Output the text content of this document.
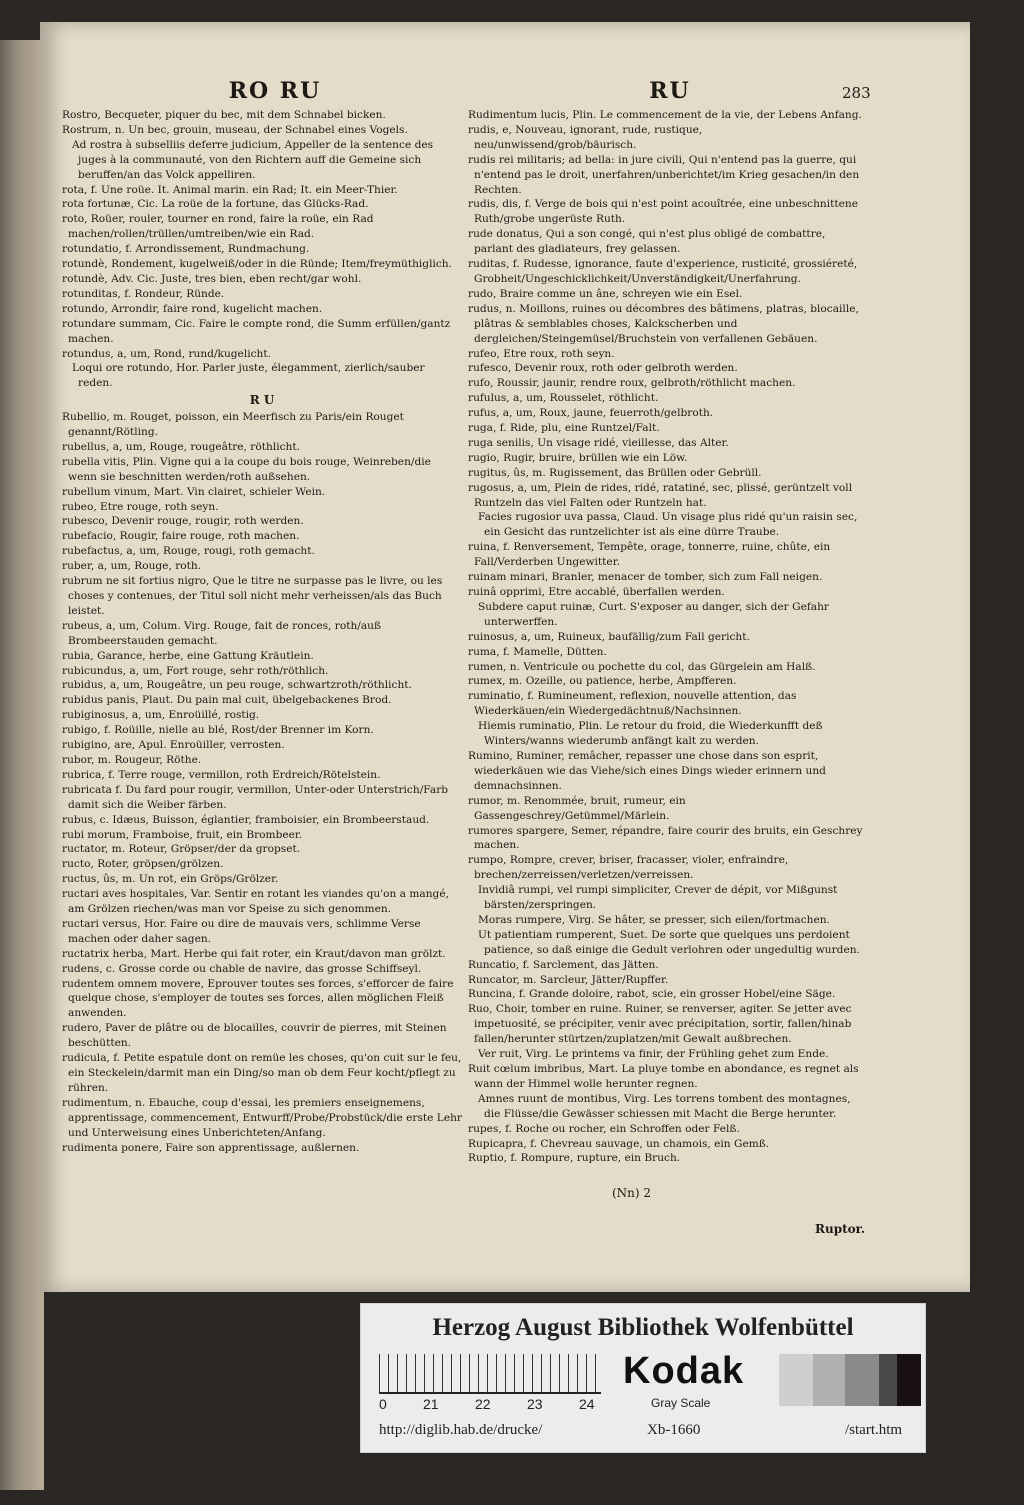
RO RU	RU	283

Rostro, Becqueter, piquer du bec, mit dem Schnabel bicken.

Rostrum, n. Un bec, grouin, museau, der Schnabel eines Vogels.

Ad rostra à subselliis deferre judicium, Appeller de la sentence des juges à la communauté, von den Richtern auff die Gemeine sich beruffen/an das Volck appelliren.

rota, f. Une roüe. It. Animal marin. ein Rad; It. ein Meer-Thier.

rota fortunæ, Cic. La roüe de la fortune, das Glücks-Rad.

roto, Roüer, rouler, tourner en rond, faire la roüe, ein Rad machen/rollen/trüllen/umtreiben/wie ein Rad.

rotundatio, f. Arrondissement, Rundmachung.

rotundè, Rondement, kugelweiß/oder in die Ründe; Item/freymüthiglich.

rotundè, Adv. Cic. Juste, tres bien, eben recht/gar wohl.

rotunditas, f. Rondeur, Ründe.

rotundo, Arrondir, faire rond, kugelicht machen.

rotundare summam, Cic. Faire le compte rond, die Summ erfüllen/gantz machen.

rotundus, a, um, Rond, rund/kugelicht.

Loqui ore rotundo, Hor. Parler juste, élegamment, zierlich/sauber reden.

R U

Rubellio, m. Rouget, poisson, ein Meerfisch zu Paris/ein Rouget genannt/Rötling.

rubellus, a, um, Rouge, rougeâtre, röthlicht.

rubella vitis, Plin. Vigne qui a la coupe du bois rouge, Weinreben/die wenn sie beschnitten werden/roth außsehen.

rubellum vinum, Mart. Vin clairet, schieler Wein.

rubeo, Etre rouge, roth seyn.

rubesco, Devenir rouge, rougir, roth werden.

rubefacio, Rougir, faire rouge, roth machen.

rubefactus, a, um, Rouge, rougi, roth gemacht.

ruber, a, um, Rouge, roth.

rubrum ne sit fortius nigro, Que le titre ne surpasse pas le livre, ou les choses y contenues, der Titul soll nicht mehr verheissen/als das Buch leistet.

rubeus, a, um, Colum. Virg. Rouge, fait de ronces, roth/auß Brombeerstauden gemacht.

rubia, Garance, herbe, eine Gattung Kräutlein.

rubicundus, a, um, Fort rouge, sehr roth/röthlich.

rubidus, a, um, Rougeâtre, un peu rouge, schwartzroth/röthlicht.

rubidus panis, Plaut. Du pain mal cuit, übelgebackenes Brod.

rubiginosus, a, um, Enroüillé, rostig.

rubigo, f. Roüille, nielle au blé, Rost/der Brenner im Korn.

rubigino, are, Apul. Enroüiller, verrosten.

rubor, m. Rougeur, Röthe.

rubrica, f. Terre rouge, vermillon, roth Erdreich/Rötelstein.

rubricata f. Du fard pour rougir, vermillon, Unter-oder Unterstrich/Farb damit sich die Weiber färben.

rubus, c. Idæus, Buisson, églantier, framboisier, ein Brombeerstaud.

rubi morum, Framboise, fruit, ein Brombeer.

ructator, m. Roteur, Gröpser/der da gropset.

ructo, Roter, gröpsen/grölzen.

ructus, ûs, m. Un rot, ein Gröps/Grölzer.

ructari aves hospitales, Var. Sentir en rotant les viandes qu'on a mangé, am Grölzen riechen/was man vor Speise zu sich genommen.

ructari versus, Hor. Faire ou dire de mauvais vers, schlimme Verse machen oder daher sagen.

ructatrix herba, Mart. Herbe qui fait roter, ein Kraut/davon man grölzt.

rudens, c. Grosse corde ou chable de navire, das grosse Schiffseyl.

rudentem omnem movere, Eprouver toutes ses forces, s'efforcer de faire quelque chose, s'employer de toutes ses forces, allen möglichen Fleiß anwenden.

rudero, Paver de plâtre ou de blocailles, couvrir de pierres, mit Steinen beschütten.

rudicula, f. Petite espatule dont on remüe les choses, qu'on cuit sur le feu, ein Steckelein/darmit man ein Ding/so man ob dem Feur kocht/pflegt zu rühren.

rudimentum, n. Ebauche, coup d'essai, les premiers enseignemens, apprentissage, commencement, Entwurff/Probe/Probstück/die erste Lehr und Unterweisung eines Unberichteten/Anfang.

rudimenta ponere, Faire son apprentissage, außlernen.

Rudimentum lucis, Plin. Le commencement de la vie, der Lebens Anfang.

rudis, e, Nouveau, ignorant, rude, rustique, neu/unwissend/grob/bäurisch.

rudis rei militaris; ad bella: in jure civili, Qui n'entend pas la guerre, qui n'entend pas le droit, unerfahren/unberichtet/im Krieg gesachen/in den Rechten.

rudis, dis, f. Verge de bois qui n'est point acouîtrée, eine unbeschnittene Ruth/grobe ungerüste Ruth.

rude donatus, Qui a son congé, qui n'est plus obligé de combattre, parlant des gladiateurs, frey gelassen.

ruditas, f. Rudesse, ignorance, faute d'experience, rusticité, grossiéreté, Grobheit/Ungeschicklichkeit/Unverständigkeit/Unerfahrung.

rudo, Braire comme un âne, schreyen wie ein Esel.

rudus, n. Moillons, ruines ou décombres des bâtimens, platras, blocaille, plâtras & semblables choses, Kalckscherben und dergleichen/Steingemüsel/Bruchstein von verfallenen Gebäuen.

rufeo, Etre roux, roth seyn.

rufesco, Devenir roux, roth oder gelbroth werden.

rufo, Roussir, jaunir, rendre roux, gelbroth/röthlicht machen.

rufulus, a, um, Rousselet, röthlicht.

rufus, a, um, Roux, jaune, feuerroth/gelbroth.

ruga, f. Ride, plu, eine Runtzel/Falt.

ruga senilis, Un visage ridé, vieillesse, das Alter.

rugio, Rugir, bruire, brüllen wie ein Löw.

rugitus, ûs, m. Rugissement, das Brüllen oder Gebrüll.

rugosus, a, um, Plein de rides, ridé, ratatiné, sec, plissé, gerüntzelt voll Runtzeln das viel Falten oder Runtzeln hat.

Facies rugosior uva passa, Claud. Un visage plus ridé qu'un raisin sec, ein Gesicht das runtzelichter ist als eine dürre Traube.

ruina, f. Renversement, Tempête, orage, tonnerre, ruine, chûte, ein Fall/Verderben Ungewitter.

ruinam minari, Branler, menacer de tomber, sich zum Fall neigen.

ruinâ opprimi, Etre accablé, überfallen werden.

Subdere caput ruinæ, Curt. S'exposer au danger, sich der Gefahr unterwerffen.

ruinosus, a, um, Ruineux, baufällig/zum Fall gericht.

ruma, f. Mamelle, Dütten.

rumen, n. Ventricule ou pochette du col, das Gürgelein am Halß.

rumex, m. Ozeille, ou patience, herbe, Ampfferen.

ruminatio, f. Rumineument, reflexion, nouvelle attention, das Wiederkäuen/ein Wiedergedächtnuß/Nachsinnen.

Hiemis ruminatio, Plin. Le retour du froid, die Wiederkunfft deß Winters/wanns wiederumb anfängt kalt zu werden.

Rumino, Ruminer, remâcher, repasser une chose dans son esprit, wiederkäuen wie das Viehe/sich eines Dings wieder erinnern und demnachsinnen.

rumor, m. Renommée, bruit, rumeur, ein Gassengeschrey/Getümmel/Märlein.

rumores spargere, Semer, répandre, faire courir des bruits, ein Geschrey machen.

rumpo, Rompre, crever, briser, fracasser, violer, enfraindre, brechen/zerreissen/verletzen/verreissen.

Invidiâ rumpi, vel rumpi simpliciter, Crever de dépit, vor Mißgunst bärsten/zerspringen.

Moras rumpere, Virg. Se hâter, se presser, sich eilen/fortmachen.

Ut patientiam rumperent, Suet. De sorte que quelques uns perdoient patience, so daß einige die Gedult verlohren oder ungedultig wurden.

Runcatio, f. Sarclement, das Jätten.

Runcator, m. Sarcleur, Jätter/Rupffer.

Runcina, f. Grande doloire, rabot, scie, ein grosser Hobel/eine Säge.

Ruo, Choir, tomber en ruine. Ruiner, se renverser, agiter. Se jetter avec impetuosité, se précipiter, venir avec précipitation, sortir, fallen/hinab fallen/herunter stürtzen/zuplatzen/mit Gewalt außbrechen.

Ver ruit, Virg. Le printems va finir, der Frühling gehet zum Ende.

Ruit cœlum imbribus, Mart. La pluye tombe en abondance, es regnet als wann der Himmel wolle herunter regnen.

Amnes ruunt de montibus, Virg. Les torrens tombent des montagnes, die Flüsse/die Gewässer schiessen mit Macht die Berge herunter.

rupes, f. Roche ou rocher, ein Schroffen oder Felß.

Rupicapra, f. Chevreau sauvage, un chamois, ein Gemß.

Ruptio, f. Rompure, rupture, ein Bruch.

(Nn) 2
Ruptor.
Herzog August Bibliothek Wolfenbüttel
0	21	22	23	24
Kodak
Gray Scale
http://diglib.hab.de/drucke/	Xb-1660	/start.htm
